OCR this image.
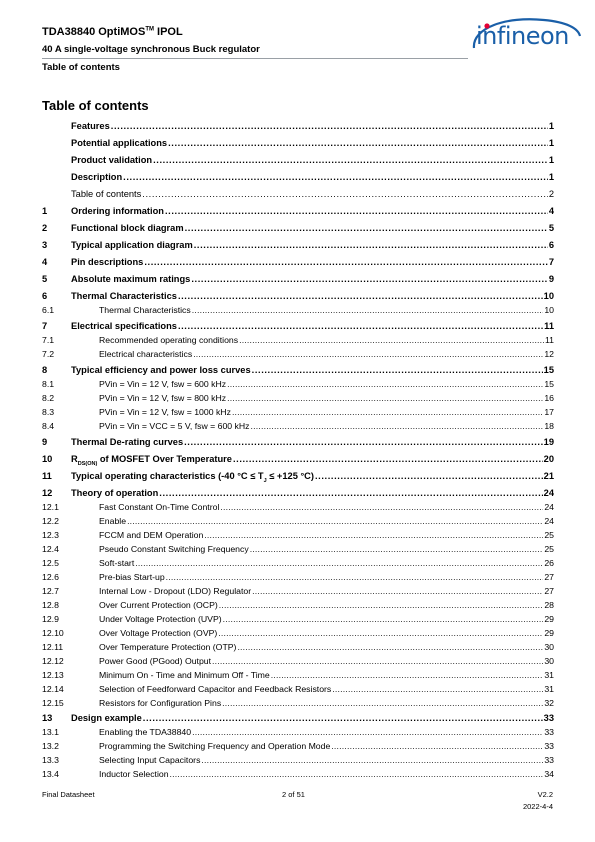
TDA38840 OptiMOS™ IPOL
40 A single-voltage synchronous Buck regulator
Table of contents
infineon
Table of contents
Features .....	1
Potential applications .....	1
Product validation .....	1
Description .....	1
Table of contents .....	2
1	Ordering information .....	4
2	Functional block diagram .....	5
3	Typical application diagram .....	6
4	Pin descriptions .....	7
5	Absolute maximum ratings .....	9
6	Thermal Characteristics .....	10
6.1	Thermal Characteristics .....	10
7	Electrical specifications .....	11
7.1	Recommended operating conditions .....	11
7.2	Electrical characteristics .....	12
8	Typical efficiency and power loss curves .....	15
8.1	PVin = Vin = 12 V, fsw = 600 kHz .....	15
8.2	PVin = Vin = 12 V, fsw = 800 kHz .....	16
8.3	PVin = Vin = 12 V, fsw = 1000 kHz .....	17
8.4	PVin = Vin = VCC = 5 V, fsw = 600 kHz .....	18
9	Thermal De-rating curves .....	19
10	$R_{DS(ON)}$ of MOSFET Over Temperature .....	20
11	Typical operating characteristics (-40 $^\circ C \le T_J \le +125$ °C) .....	21
12	Theory of operation .....	24
12.1	Fast Constant On-Time Control .....	24
12.2	Enable .....	24
12.3	FCCM and DEM Operation .....	25
12.4	Pseudo Constant Switching Frequency .....	25
12.5	Soft-start .....	26
12.6	Pre-bias Start-up .....	27
12.7	Internal Low - Dropout (LDO) Regulator .....	27
12.8	Over Current Protection (OCP) .....	28
12.9	Under Voltage Protection (UVP) .....	29
12.10	Over Voltage Protection (OVP) .....	29
12.11	Over Temperature Protection (OTP) .....	30
12.12	Power Good (PGood) Output .....	30
12.13	Minimum On - Time and Minimum Off - Time .....	31
12.14	Selection of Feedforward Capacitor and Feedback Resistors .....	31
12.15	Resistors for Configuration Pins .....	32
13	Design example .....	33
13.1	Enabling the TDA38840 .....	33
13.2	Programming the Switching Frequency and Operation Mode .....	33
13.3	Selecting Input Capacitors .....	33
13.4	Inductor Selection .....	34
Final Datasheet	2 of 51	V2.2
2022-4-4
